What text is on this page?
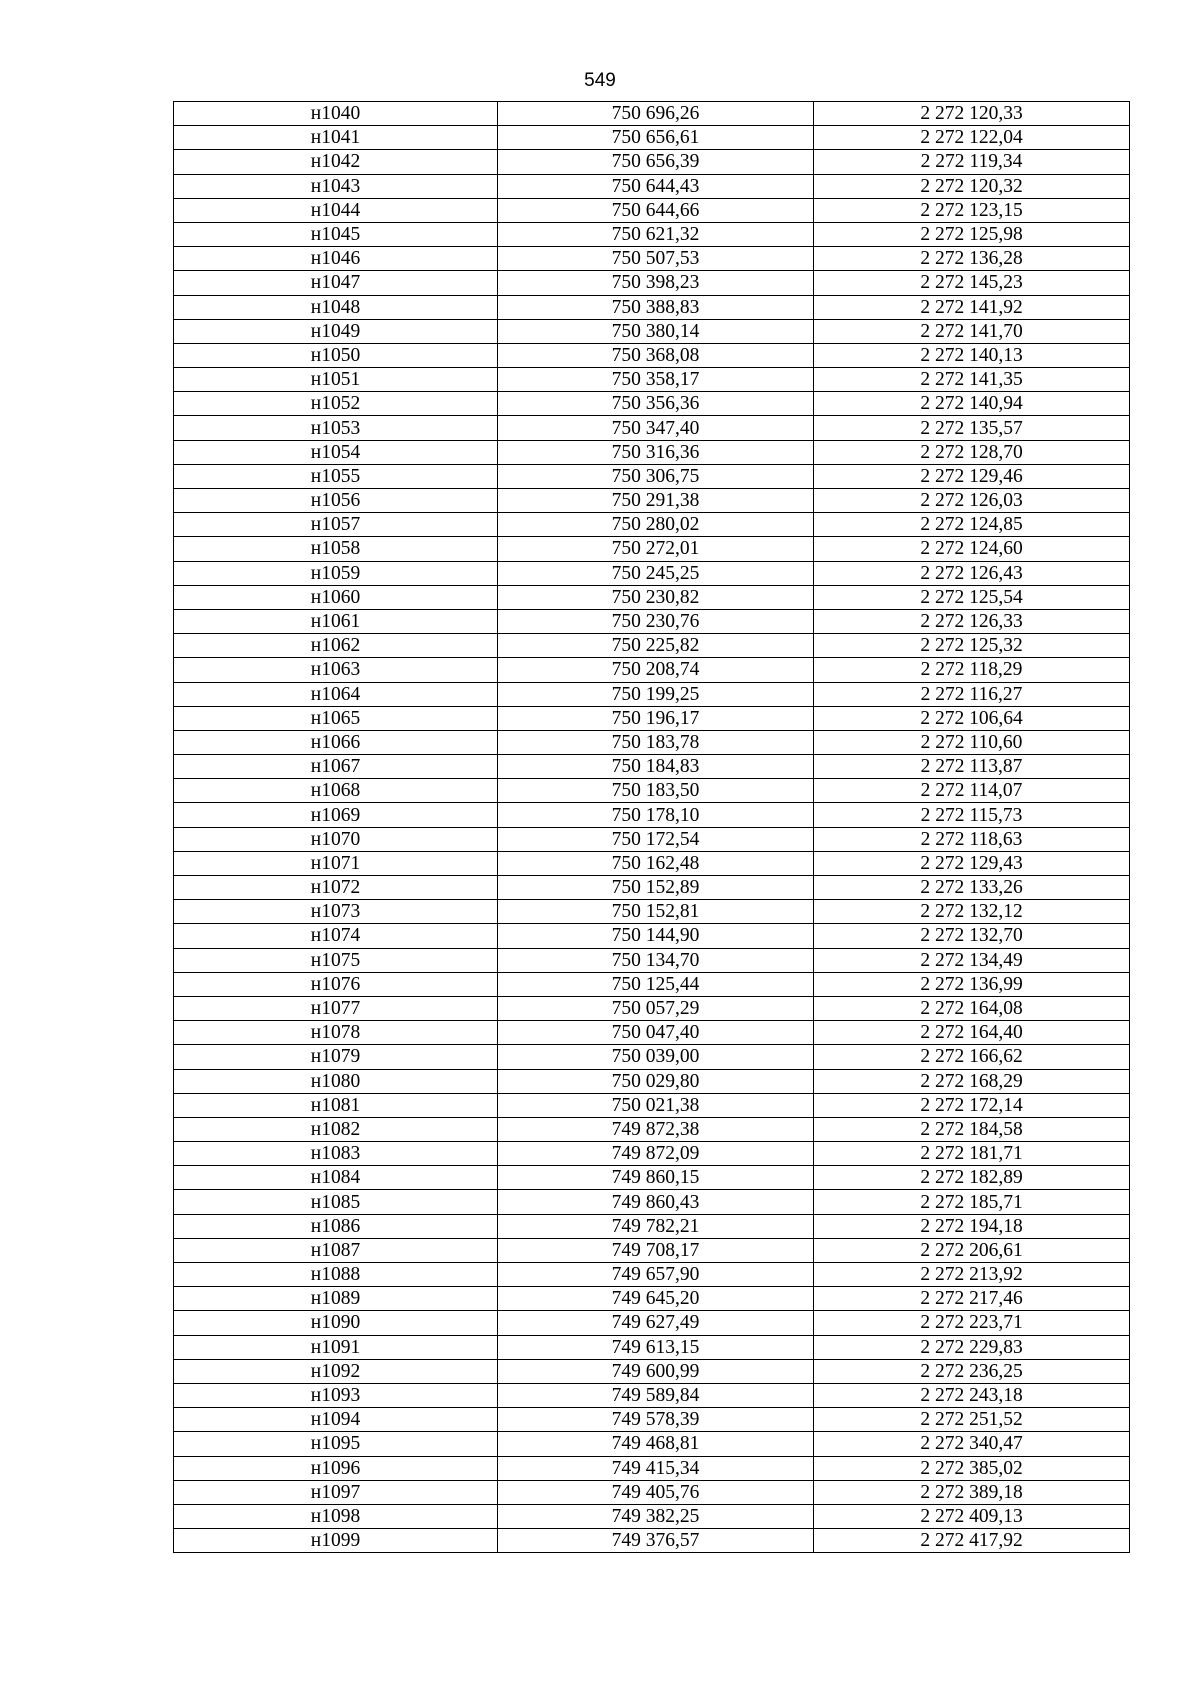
549
н1040	750 696,26	2 272 120,33
н1041	750 656,61	2 272 122,04
н1042	750 656,39	2 272 119,34
н1043	750 644,43	2 272 120,32
н1044	750 644,66	2 272 123,15
н1045	750 621,32	2 272 125,98
н1046	750 507,53	2 272 136,28
н1047	750 398,23	2 272 145,23
н1048	750 388,83	2 272 141,92
н1049	750 380,14	2 272 141,70
н1050	750 368,08	2 272 140,13
н1051	750 358,17	2 272 141,35
н1052	750 356,36	2 272 140,94
н1053	750 347,40	2 272 135,57
н1054	750 316,36	2 272 128,70
н1055	750 306,75	2 272 129,46
н1056	750 291,38	2 272 126,03
н1057	750 280,02	2 272 124,85
н1058	750 272,01	2 272 124,60
н1059	750 245,25	2 272 126,43
н1060	750 230,82	2 272 125,54
н1061	750 230,76	2 272 126,33
н1062	750 225,82	2 272 125,32
н1063	750 208,74	2 272 118,29
н1064	750 199,25	2 272 116,27
н1065	750 196,17	2 272 106,64
н1066	750 183,78	2 272 110,60
н1067	750 184,83	2 272 113,87
н1068	750 183,50	2 272 114,07
н1069	750 178,10	2 272 115,73
н1070	750 172,54	2 272 118,63
н1071	750 162,48	2 272 129,43
н1072	750 152,89	2 272 133,26
н1073	750 152,81	2 272 132,12
н1074	750 144,90	2 272 132,70
н1075	750 134,70	2 272 134,49
н1076	750 125,44	2 272 136,99
н1077	750 057,29	2 272 164,08
н1078	750 047,40	2 272 164,40
н1079	750 039,00	2 272 166,62
н1080	750 029,80	2 272 168,29
н1081	750 021,38	2 272 172,14
н1082	749 872,38	2 272 184,58
н1083	749 872,09	2 272 181,71
н1084	749 860,15	2 272 182,89
н1085	749 860,43	2 272 185,71
н1086	749 782,21	2 272 194,18
н1087	749 708,17	2 272 206,61
н1088	749 657,90	2 272 213,92
н1089	749 645,20	2 272 217,46
н1090	749 627,49	2 272 223,71
н1091	749 613,15	2 272 229,83
н1092	749 600,99	2 272 236,25
н1093	749 589,84	2 272 243,18
н1094	749 578,39	2 272 251,52
н1095	749 468,81	2 272 340,47
н1096	749 415,34	2 272 385,02
н1097	749 405,76	2 272 389,18
н1098	749 382,25	2 272 409,13
н1099	749 376,57	2 272 417,92
